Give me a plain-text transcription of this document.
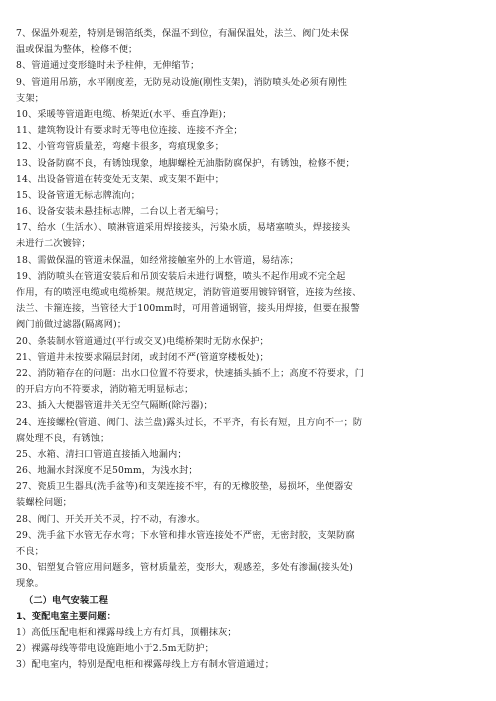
7、保温外观差，特别是锡箔纸类，保温不到位，有漏保温处，法兰、阀门处未保
温或保温为整体，检修不便；
8、管道通过变形缝时未予柱伸，无伸缩节；
9、管道用吊筋，水平刚度差，无防晃动设施(刚性支架)，消防喷头处必须有刚性
支架；
10、采暖等管道距电缆、桥架近(水平、垂直净距)；
11、建筑物设计有要求时无等电位连接、连接不齐全；
12、小管弯管质量差，弯瘪卡很多，弯痕现象多；
13、设备防腐不良，有锈蚀现象，地脚螺栓无油脂防腐保护，有锈蚀，检修不便；
14、出设备管道在转变处无支架、或支架不距中；
15、设备管道无标志牌流向；
16、设备安装未悬挂标志牌，二台以上者无编号；
17、给水（生活水）、喷淋管道采用焊接接头，污染水质，易堵塞喷头，焊接接头
未进行二次镀锌；
18、需做保温的管道未保温，如经常接触室外的上水管道，易结冻；
19、消防喷头在管道安装后和吊顶安装后未进行调整，喷头不起作用或不完全起
作用，有的喷涇电缆或电缆桥架。规范规定，消防管道要用镀锌钢管，连接为丝接、
法兰、卡箍连接，当管径大于100mm时，可用普通钢管，接头用焊接，但要在报警
阀门前做过滤器(隔离网)；
20、条装制水管道通过(平行或交叉)电缆桥架时无防水保护；
21、管道井未按要求隔层封闭，或封闭不严(管道穿楼板处)；
22、消防箱存在的问题：出水口位置不符要求，快速插头插不上；高度不符要求，门
的开启方向不符要求，消防箱无明显标志；
23、插入大便器管道井关无空气隔断(除污器)；
24、连接螺栓(管道、阀门、法兰盘)露头过长，不平齐，有长有短，且方向不一；防
腐处理不良，有锈蚀；
25、水箱、清扫口管道直接插入地漏内；
26、地漏水封深度不足50mm，为浅水封；
27、瓷质卫生器具(洗手盆等)和支架连接不牢，有的无橡胶垫，易损坏，坐便器安
装螺栓问题；
28、阀门、开关开关不灵，拧不动，有渗水。
29、洗手盆下水管无存水弯；下水管和排水管连接处不严密，无密封胶，支架防腐
不良；
30、铝塑复合管应用问题多，管材质量差，变形大，观感差，多处有渗漏(接头处)
现象。
（二）电气安装工程
1、变配电室主要问题：
1）高低压配电柜和裸露母线上方有灯具，顶棚抹灰；
2）裸露母线等带电设施距地小于2.5m无防护；
3）配电室内，特别是配电柜和裸露母线上方有制水管道通过；
